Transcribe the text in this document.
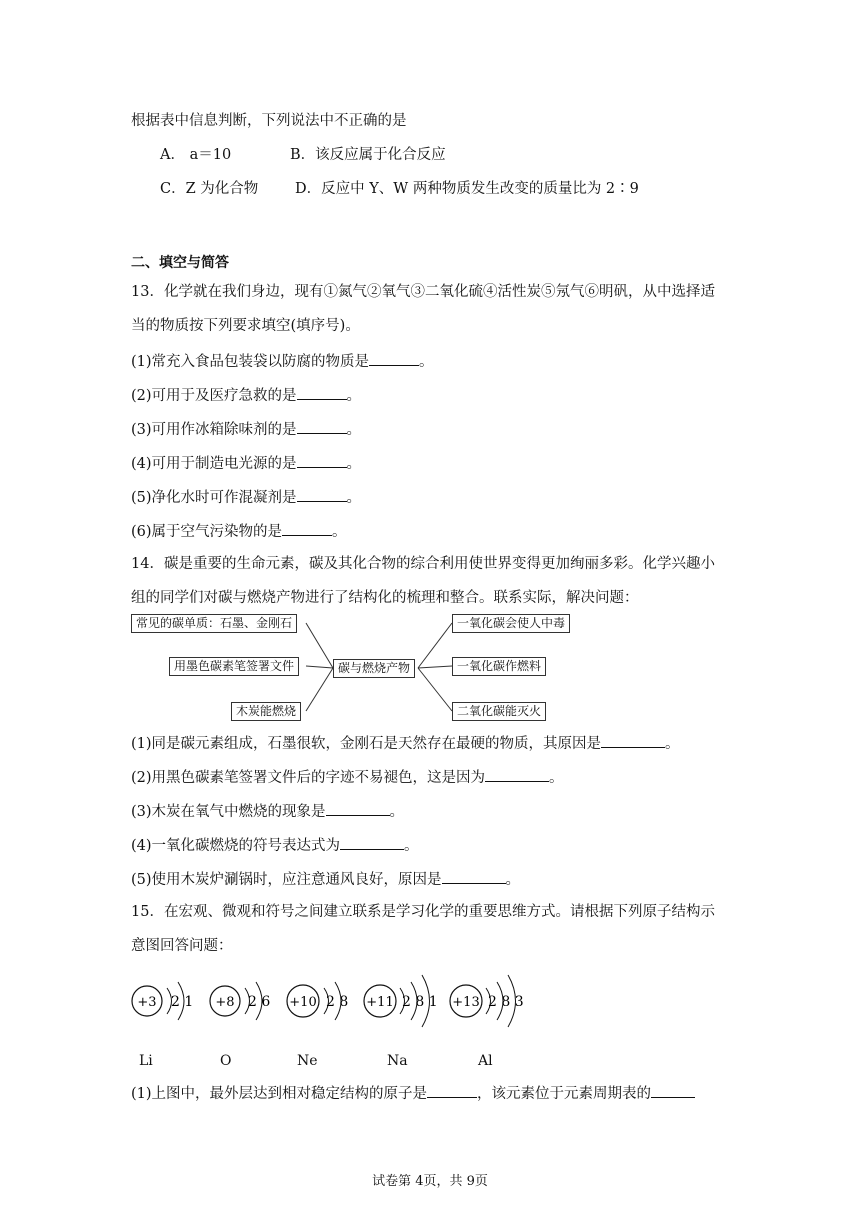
根据表中信息判断，下列说法中不正确的是
A． a＝10	B．该反应属于化合反应
C．Z 为化合物	D．反应中 Y、W 两种物质发生改变的质量比为 2∶9
二、填空与简答
13．化学就在我们身边，现有①氮气②氧气③二氧化硫④活性炭⑤氖气⑥明矾，从中选择适
当的物质按下列要求填空(填序号)。
(1)常充入食品包装袋以防腐的物质是	。
(2)可用于及医疗急救的是	。
(3)可用作冰箱除味剂的是	。
(4)可用于制造电光源的是	。
(5)净化水时可作混凝剂是	。
(6)属于空气污染物的是	。
14．碳是重要的生命元素，碳及其化合物的综合利用使世界变得更加绚丽多彩。化学兴趣小
组的同学们对碳与燃烧产物进行了结构化的梳理和整合。联系实际，解决问题：
常见的碳单质：石墨、金刚石
用墨色碳素笔签署文件
木炭能燃烧
碳与燃烧产物
一氧化碳会使人中毒
一氧化碳作燃料
二氧化碳能灭火
(1)同是碳元素组成，石墨很软，金刚石是天然存在最硬的物质，其原因是	。
(2)用黑色碳素笔签署文件后的字迹不易褪色，这是因为	。
(3)木炭在氧气中燃烧的现象是	。
(4)一氧化碳燃烧的符号表达式为	。
(5)使用木炭炉涮锅时，应注意通风良好，原因是	。
15．在宏观、微观和符号之间建立联系是学习化学的重要思维方式。请根据下列原子结构示
意图回答问题：
+3 2 1 +8 2 6 +10 2 8 +11 2 8 1 +13 2 8 3
Li	O	Ne	Na	Al
(1)上图中，最外层达到相对稳定结构的原子是	，该元素位于元素周期表的
试卷第 4页，共 9页
